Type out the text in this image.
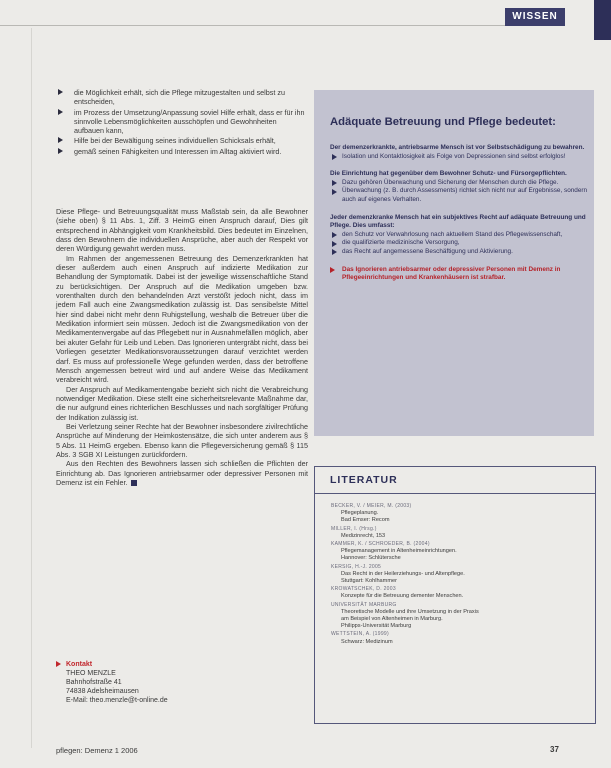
WISSEN
die Möglichkeit erhält, sich die Pflege mitzugestalten und selbst zu entscheiden,
im Prozess der Umsetzung/Anpassung soviel Hilfe erhält, dass er für ihn sinnvolle Lebensmöglichkeiten ausschöpfen und Gewohnheiten aufbauen kann,
Hilfe bei der Bewältigung seines individuellen Schicksals erhält,
gemäß seinen Fähigkeiten und Interessen im Alltag aktiviert wird.

Diese Pflege- und Betreuungsqualität muss Maßstab sein, da alle Bewohner (siehe oben) § 11 Abs. 1, Ziff. 3 HeimG einen Anspruch darauf, Dies gilt entsprechend in Abhängigkeit vom Krankheitsbild. Dies bedeutet im Einzelnen, dass den Bewohnern die individuellen Ansprüche, aber auch der Respekt vor deren Würdigung gewahrt werden muss.

Im Rahmen der angemessenen Betreuung des Demenzerkrankten hat dieser außerdem auch einen Anspruch auf indizierte Medikation zur Behandlung der Symptomatik. Dabei ist der jeweilige wissenschaftliche Stand zu berücksichtigen. Der Anspruch auf die Medikation umgeben bzw. vorenthalten durch den behandelnden Arzt verstößt jedoch nicht, dass im jedem Fall auch eine Zwangsmedikation zulässig ist. Das sensibelste Mittel hier sind dabei nicht mehr denn Ruhigstellung, weshalb die Betreuer über die Medikation informiert sein müssen. Jedoch ist die Zwangsmedikation von der Medikamentenvergabe auf das Pflegebett nur in Ausnahmefällen möglich, aber bei akuter Gefahr für Leib und Leben. Das Ignorieren untergräbt nicht, dass bei Vorliegen gesetzter Medikationsvoraussetzungen darauf verzichtet werden darf. Es muss auf professionelle Wege gefunden werden, dass der betroffene Mensch angemessen betreut wird und auf andere Weise das Medikament verabreicht wird.

Der Anspruch auf Medikamentengabe bezieht sich nicht die Verabreichung notwendiger Medikation. Diese stellt eine sicherheitsrelevante Maßnahme dar, die nur aufgrund eines richterlichen Beschlusses und nach sorgfältiger Prüfung der Indikation zulässig ist.

Bei Verletzung seiner Rechte hat der Bewohner insbesondere zivilrechtliche Ansprüche auf Minderung der Heimkostensätze, die sich unter anderem aus § 5 Abs. 11 HeimG ergeben. Ebenso kann die Pflegeversicherung gemäß § 115 Abs. 3 SGB XI Leistungen zurückfordern.

Aus den Rechten des Bewohners lassen sich schließen die Pflichten der Einrichtung ab. Das Ignorieren antriebsarmer oder depressiver Personen mit Demenz ist ein Fehler.

Kontakt
THEO MENZLE
Bahnhofstraße 41
74838 Adelsheimausen
E-Mail: theo.menzle@t-online.de
Adäquate Betreuung und Pflege bedeutet:
Der demenzerkrankte, antriebsarme Mensch ist vor Selbstschädigung zu bewahren.
Isolation und Kontaktlosigkeit als Folge von Depressionen sind selbst erfolglos!
Die Einrichtung hat gegenüber dem Bewohner Schutz- und Fürsorgepflichten.
Dazu gehören Überwachung und Sicherung der Menschen durch die Pflege.
Überwachung (z. B. durch Assessments) richtet sich nicht nur auf Ergebnisse, sondern auch auf eigenes Verhalten.
Jeder demenzkranke Mensch hat ein subjektives Recht auf adäquate Betreuung und Pflege. Dies umfasst:
den Schutz vor Verwahrlosung nach aktuellem Stand des Pflegewissenschaft,
die qualifizierte medizinische Versorgung,
das Recht auf angemessene Beschäftigung und Aktivierung.
Das Ignorieren antriebsarmer oder depressiver Personen mit Demenz in Pflegeeinrichtungen und Krankenhäusern ist strafbar.
LITERATUR
BECKER, V. / MEIER, M. (2003)
Pflegeplanung.
Bad Emser: Recom
MILLER, I. (Hrsg.)
Medizinrecht, 153
KAMMER, K. / SCHROEDER, B. (2004)
Pflegemanagement in Altenheimeinrichtungen.
Hannover: Schlütersche
KERSIG, H.-J. 2005
Das Recht in der Heilerziehungs- und Altenpflege.
Stuttgart: Kohlhammer
KROWATSCHEK, D. 2003
Konzepte für die Betreuung dementer Menschen.
UNIVERSITÄT MARBURG
Theoretische Modelle und ihre Umsetzung in der Praxis
am Beispiel von Altenheimen in Marburg.
Philipps-Universität Marburg
WETTSTEIN, A. (1999)
Schwarz: Medizinum
pflegen: Demenz 1 2006	37
